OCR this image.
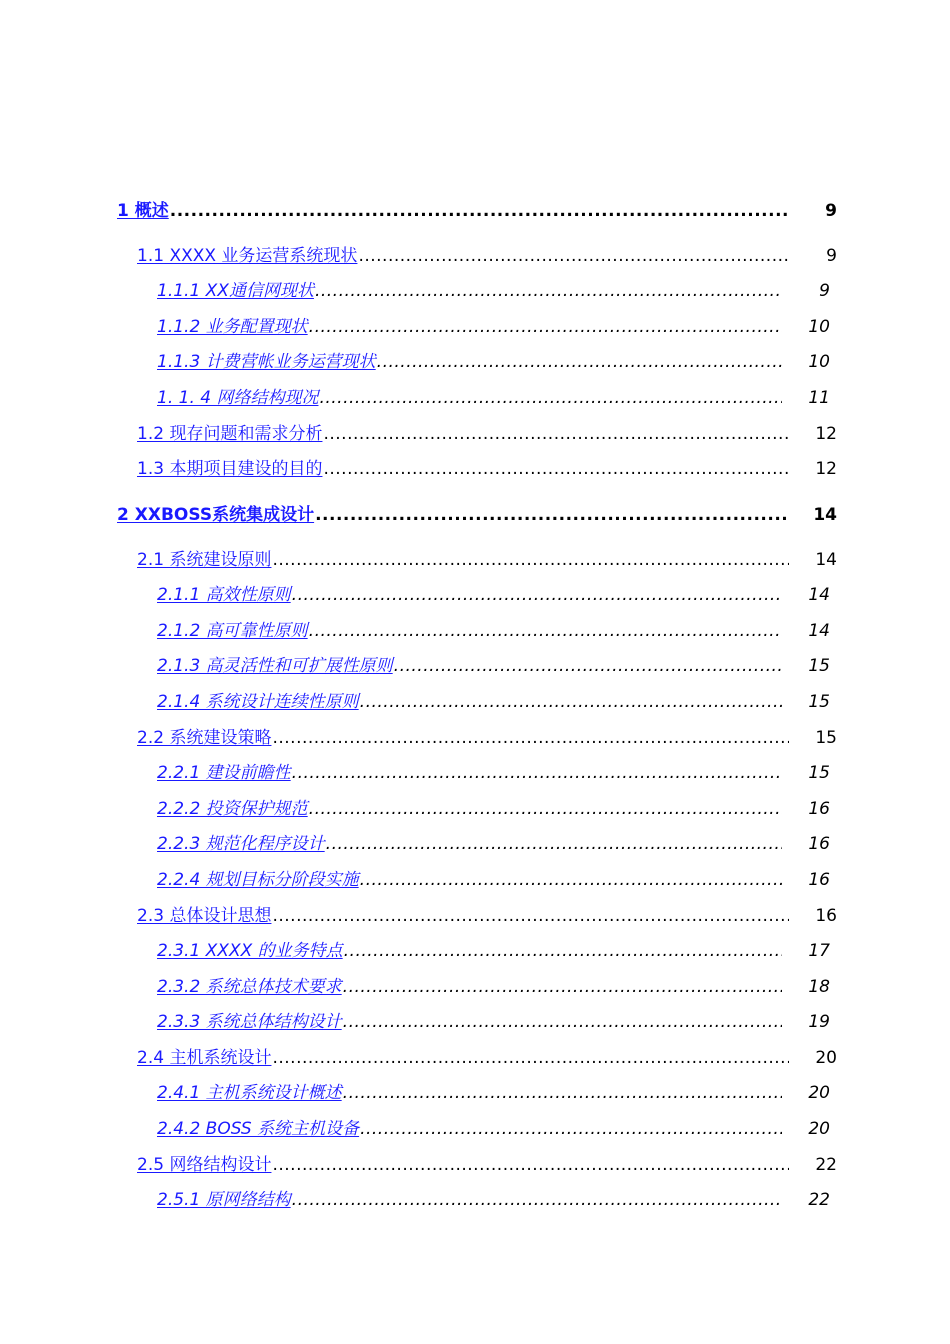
1 概述 .....	9
1.1 XXXX 业务运营系统现状 .....	9
1.1.1 XX通信网现状 .....	9
1.1.2 业务配置现状 .....	10
1.1.3 计费营帐业务运营现状 .....	10
1. 1. 4 网络结构现况 .....	11
1.2 现存问题和需求分析 .....	12
1.3 本期项目建设的目的 .....	12
2 XXBOSS系统集成设计 .....	14
2.1 系统建设原则 .....	14
2.1.1 高效性原则 .....	14
2.1.2 高可靠性原则 .....	14
2.1.3 高灵活性和可扩展性原则 .....	15
2.1.4 系统设计连续性原则 .....	15
2.2 系统建设策略 .....	15
2.2.1 建设前瞻性 .....	15
2.2.2 投资保护规范 .....	16
2.2.3 规范化程序设计 .....	16
2.2.4 规划目标分阶段实施 .....	16
2.3 总体设计思想 .....	16
2.3.1 XXXX 的业务特点 .....	17
2.3.2 系统总体技术要求 .....	18
2.3.3 系统总体结构设计 .....	19
2.4 主机系统设计 .....	20
2.4.1 主机系统设计概述 .....	20
2.4.2 BOSS 系统主机设备 .....	20
2.5 网络结构设计 .....	22
2.5.1 原网络结构 .....	22
